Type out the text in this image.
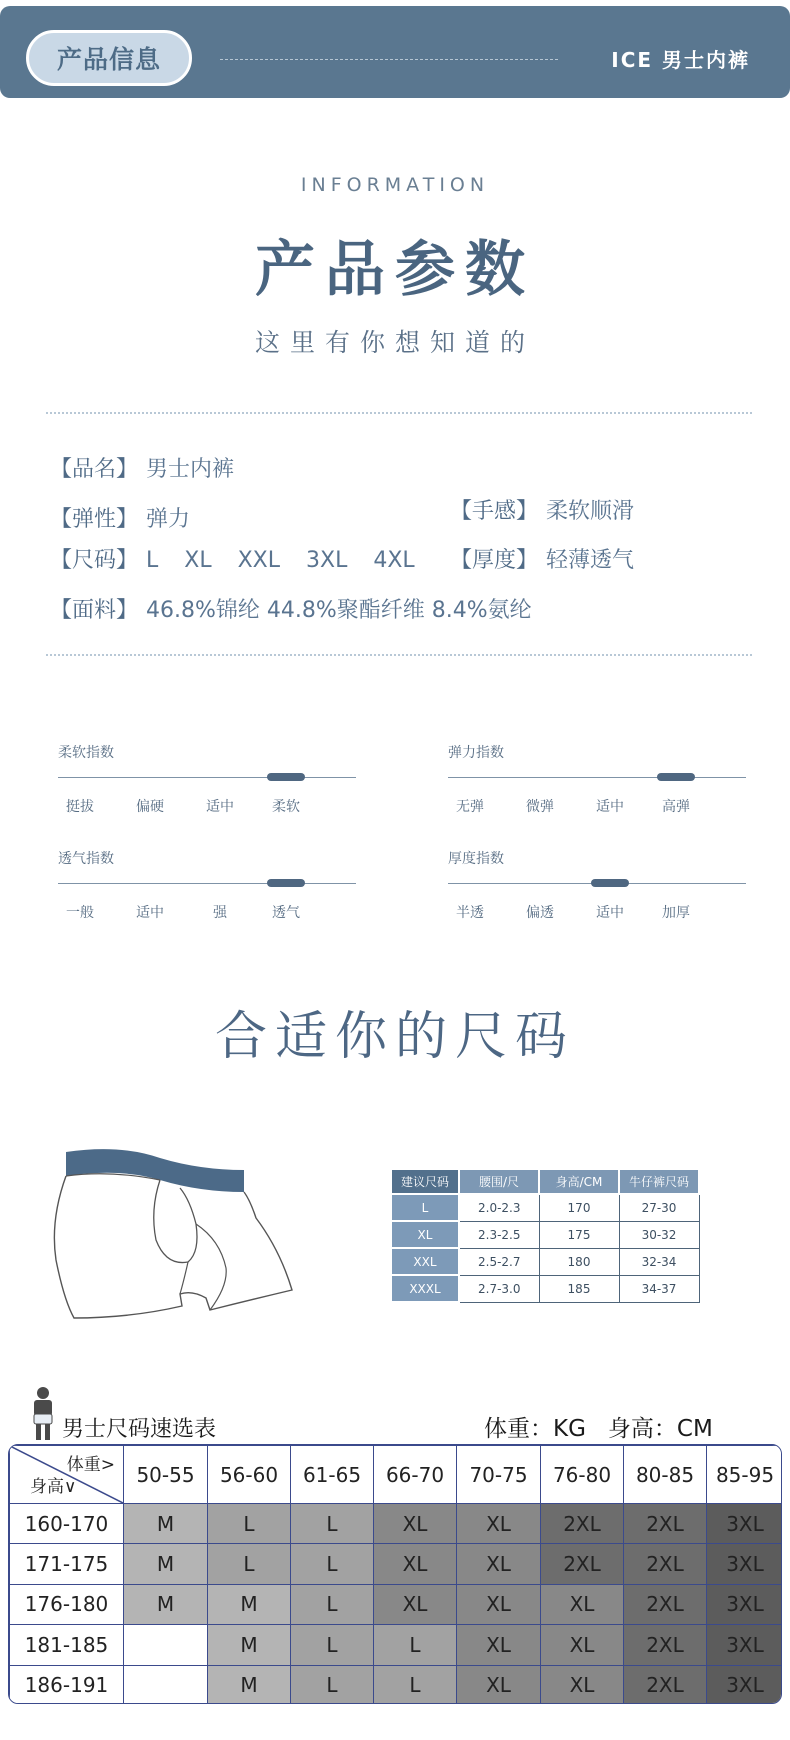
产品信息	ICE 男士内裤
INFORMATION
产品参数
这里有你想知道的
【品名】 男士内裤
【弹性】 弹力	【手感】 柔软顺滑
【尺码】 L XL XXL 3XL 4XL	【厚度】 轻薄透气
【面料】 46.8%锦纶 44.8%聚酯纤维 8.4%氨纶
柔软指数
挺拔	偏硬	适中	柔软
弹力指数
无弹	微弹	适中	高弹
透气指数
一般	适中	强	透气
厚度指数
半透	偏透	适中	加厚
合适你的尺码
建议尺码	腰围/尺	身高/CM	牛仔裤尺码
L	2.0-2.3	170	27-30
XL	2.3-2.5	175	30-32
XXL	2.5-2.7	180	32-34
XXXL	2.7-3.0	185	34-37
男士尺码速选表	体重：KG 身高：CM
体重>
身高∨	50-55	56-60	61-65	66-70	70-75	76-80	80-85	85-95
160-170	M	L	L	XL	XL	2XL	2XL	3XL
171-175	M	L	L	XL	XL	2XL	2XL	3XL
176-180	M	M	L	XL	XL	XL	2XL	3XL
181-185		M	L	L	XL	XL	2XL	3XL
186-191		M	L	L	XL	XL	2XL	3XL
